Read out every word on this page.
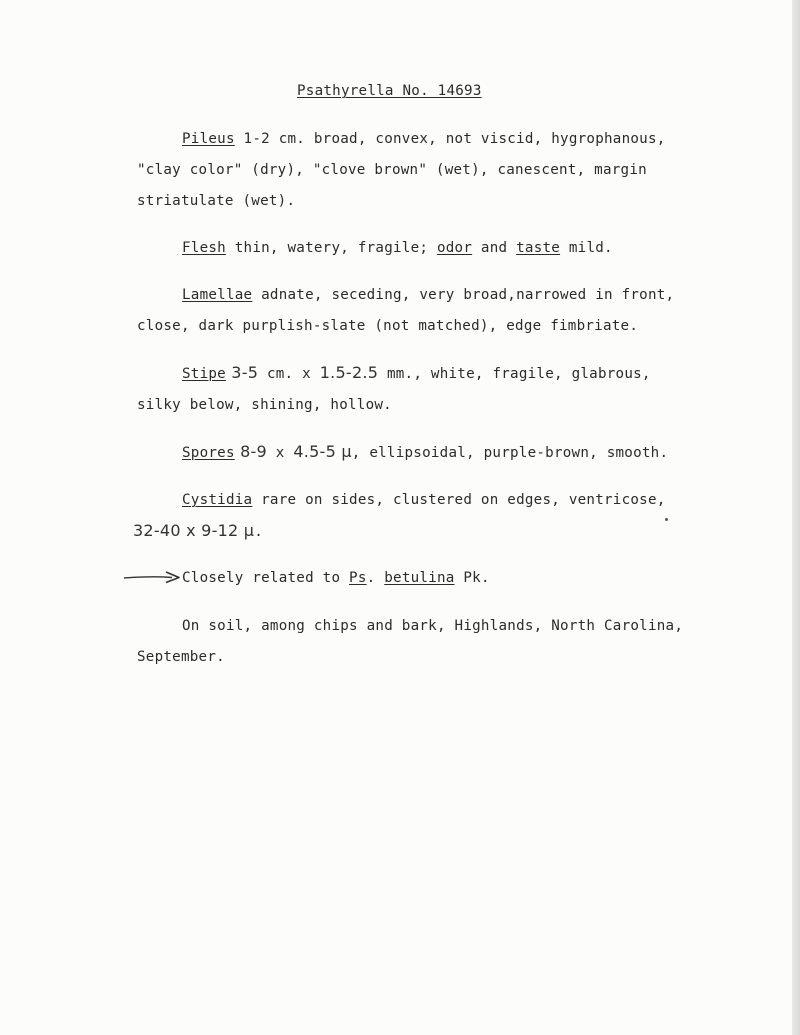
Psathyrella No. 14693
Pileus 1-2 cm. broad, convex, not viscid, hygrophanous,
"clay color" (dry), "clove brown" (wet), canescent, margin
striatulate (wet).
Flesh thin, watery, fragile; odor and taste mild.
Lamellae adnate, seceding, very broad,narrowed in front,
close, dark purplish-slate (not matched), edge fimbriate.
Stipe 3-5 cm. x 1.5-2.5 mm., white, fragile, glabrous,
silky below, shining, hollow.
Spores 8-9 x 4.5-5 µ, ellipsoidal, purple-brown, smooth.
Cystidia rare on sides, clustered on edges, ventricose,
32-40 x 9-12 µ.
Closely related to Ps. betulina Pk.
On soil, among chips and bark, Highlands, North Carolina,
September.
